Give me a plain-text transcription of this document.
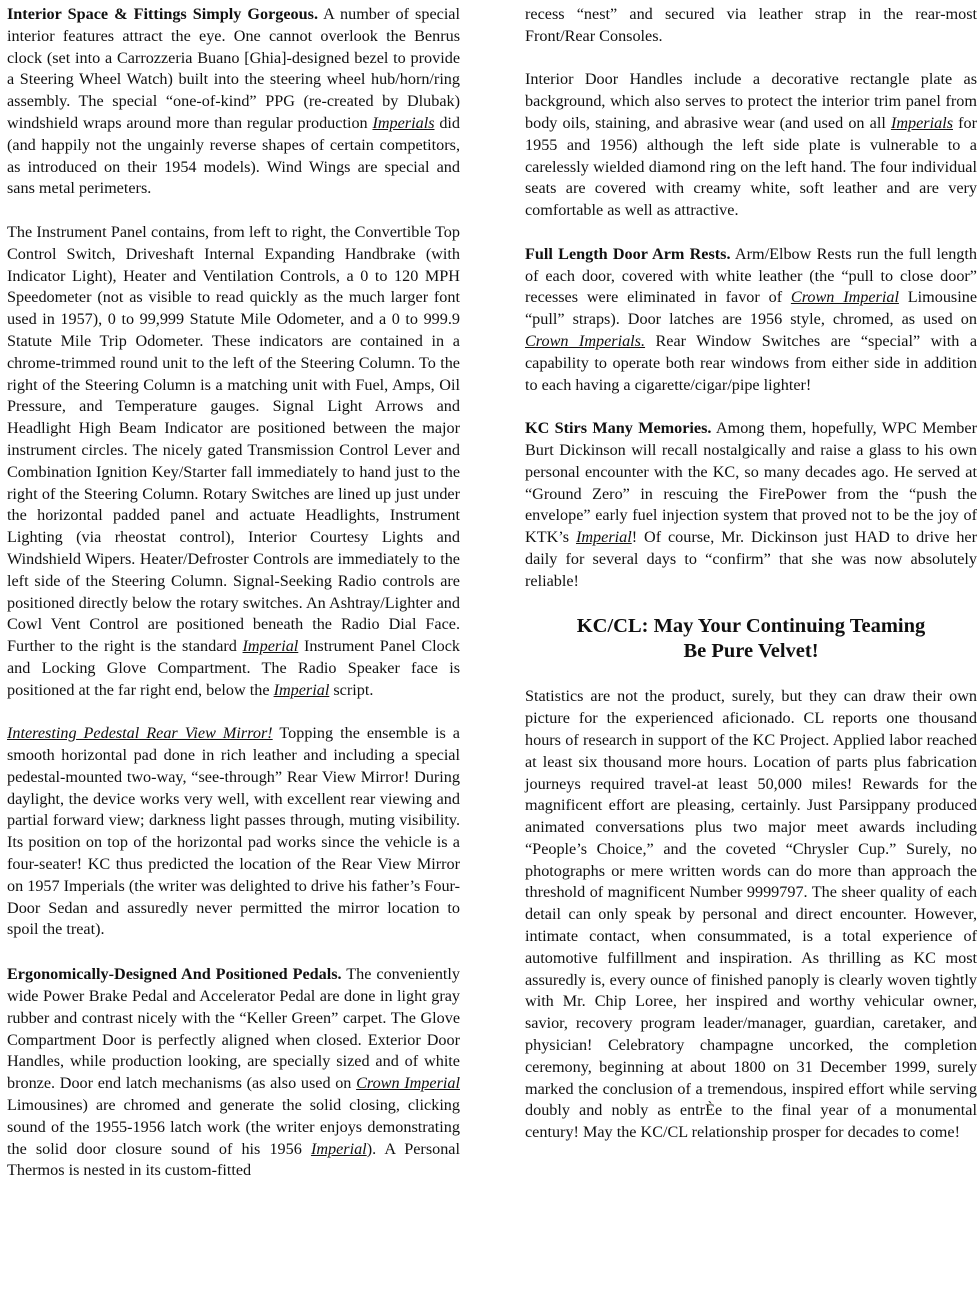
Interior Space & Fittings Simply Gorgeous. A number of special interior features attract the eye. One cannot overlook the Benrus clock (set into a Carrozzeria Buano [Ghia]-designed bezel to provide a Steering Wheel Watch) built into the steering wheel hub/horn/ring assembly. The special “one-of-kind” PPG (re-created by Dlubak) windshield wraps around more than regular production Imperials did (and happily not the ungainly reverse shapes of certain competitors, as introduced on their 1954 models). Wind Wings are special and sans metal perimeters.

The Instrument Panel contains, from left to right, the Convertible Top Control Switch, Driveshaft Internal Expanding Handbrake (with Indicator Light), Heater and Ventilation Controls, a 0 to 120 MPH Speedometer (not as visible to read quickly as the much larger font used in 1957), 0 to 99,999 Statute Mile Odometer, and a 0 to 999.9 Statute Mile Trip Odometer. These indicators are contained in a chrome-trimmed round unit to the left of the Steering Column. To the right of the Steering Column is a matching unit with Fuel, Amps, Oil Pressure, and Temperature gauges. Signal Light Arrows and Headlight High Beam Indicator are positioned between the major instrument circles. The nicely gated Transmission Control Lever and Combination Ignition Key/Starter fall immediately to hand just to the right of the Steering Column. Rotary Switches are lined up just under the horizontal padded panel and actuate Headlights, Instrument Lighting (via rheostat control), Interior Courtesy Lights and Windshield Wipers. Heater/Defroster Controls are immediately to the left side of the Steering Column. Signal-Seeking Radio controls are positioned directly below the rotary switches. An Ashtray/Lighter and Cowl Vent Control are positioned beneath the Radio Dial Face. Further to the right is the standard Imperial Instrument Panel Clock and Locking Glove Compartment. The Radio Speaker face is positioned at the far right end, below the Imperial script.

Interesting Pedestal Rear View Mirror! Topping the ensemble is a smooth horizontal pad done in rich leather and including a special pedestal-mounted two-way, “see-through” Rear View Mirror! During daylight, the device works very well, with excellent rear viewing and partial forward view; darkness light passes through, muting visibility. Its position on top of the horizontal pad works since the vehicle is a four-seater! KC thus predicted the location of the Rear View Mirror on 1957 Imperials (the writer was delighted to drive his father’s Four-Door Sedan and assuredly never permitted the mirror location to spoil the treat).

Ergonomically-Designed And Positioned Pedals. The conveniently wide Power Brake Pedal and Accelerator Pedal are done in light gray rubber and contrast nicely with the “Keller Green” carpet. The Glove Compartment Door is perfectly aligned when closed. Exterior Door Handles, while production looking, are specially sized and of white bronze. Door end latch mechanisms (as also used on Crown Imperial Limousines) are chromed and generate the solid closing, clicking sound of the 1955-1956 latch work (the writer enjoys demonstrating the solid door closure sound of his 1956 Imperial). A Personal Thermos is nested in its custom-fitted

recess “nest” and secured via leather strap in the rear-most Front/Rear Consoles.

Interior Door Handles include a decorative rectangle plate as background, which also serves to protect the interior trim panel from body oils, staining, and abrasive wear (and used on all Imperials for 1955 and 1956) although the left side plate is vulnerable to a carelessly wielded diamond ring on the left hand. The four individual seats are covered with creamy white, soft leather and are very comfortable as well as attractive.

Full Length Door Arm Rests. Arm/Elbow Rests run the full length of each door, covered with white leather (the “pull to close door” recesses were eliminated in favor of Crown Imperial Limousine “pull” straps). Door latches are 1956 style, chromed, as used on Crown Imperials. Rear Window Switches are “special” with a capability to operate both rear windows from either side in addition to each having a cigarette/cigar/pipe lighter!

KC Stirs Many Memories. Among them, hopefully, WPC Member Burt Dickinson will recall nostalgically and raise a glass to his own personal encounter with the KC, so many decades ago. He served at “Ground Zero” in rescuing the FirePower from the “push the envelope” early fuel injection system that proved not to be the joy of KTK’s Imperial! Of course, Mr. Dickinson just HAD to drive her daily for several days to “confirm” that she was now absolutely reliable!

KC/CL: May Your Continuing Teaming
Be Pure Velvet!

Statistics are not the product, surely, but they can draw their own picture for the experienced aficionado. CL reports one thousand hours of research in support of the KC Project. Applied labor reached at least six thousand more hours. Location of parts plus fabrication journeys required travel-at least 50,000 miles! Rewards for the magnificent effort are pleasing, certainly. Just Parsippany produced animated conversations plus two major meet awards including “People’s Choice,” and the coveted “Chrysler Cup.” Surely, no photographs or mere written words can do more than approach the threshold of magnificent Number 9999797. The sheer quality of each detail can only speak by personal and direct encounter. However, intimate contact, when consummated, is a total experience of automotive fulfillment and inspiration. As thrilling as KC most assuredly is, every ounce of finished panoply is clearly woven tightly with Mr. Chip Loree, her inspired and worthy vehicular owner, savior, recovery program leader/manager, guardian, caretaker, and physician! Celebratory champagne uncorked, the completion ceremony, beginning at about 1800 on 31 December 1999, surely marked the conclusion of a tremendous, inspired effort while serving doubly and nobly as entrÈe to the final year of a monumental century! May the KC/CL relationship prosper for decades to come!
